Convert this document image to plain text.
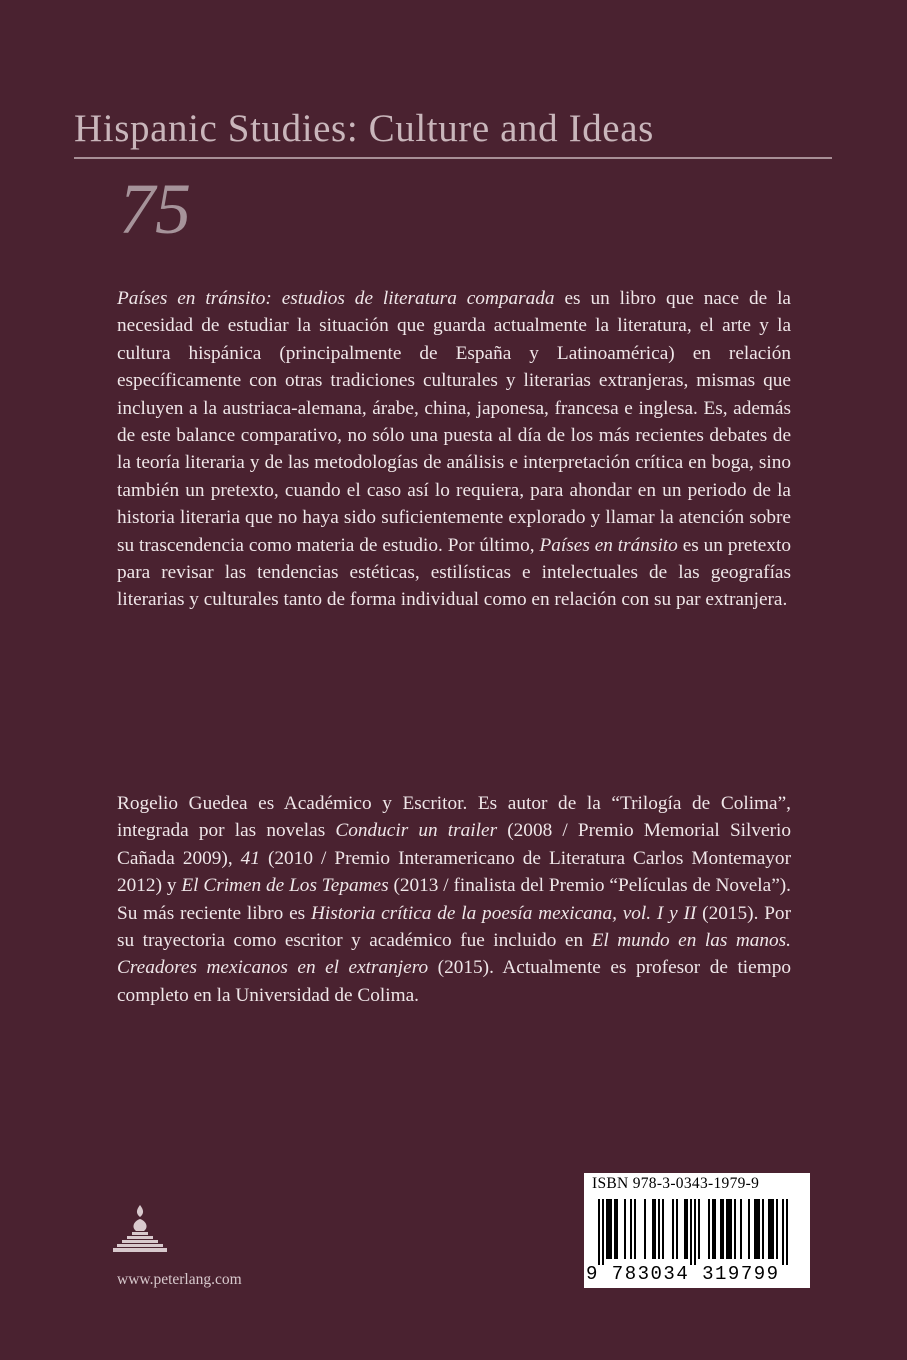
Hispanic Studies: Culture and Ideas
75

Países en tránsito: estudios de literatura comparada es un libro que nace de la necesidad de estudiar la situación que guarda actualmente la literatura, el arte y la cultura hispánica (principalmente de España y Latinoamérica) en relación específicamente con otras tradiciones culturales y literarias extranjeras, mismas que incluyen a la austriaca-alemana, árabe, china, japonesa, francesa e inglesa. Es, además de este balance comparativo, no sólo una puesta al día de los más recientes debates de la teoría literaria y de las metodologías de análisis e interpretación crítica en boga, sino también un pretexto, cuando el caso así lo requiera, para ahondar en un periodo de la historia literaria que no haya sido suficientemente explorado y llamar la atención sobre su trascendencia como materia de estudio. Por último, Países en tránsito es un pretexto para revisar las tendencias estéticas, estilísticas e intelectuales de las geografías literarias y culturales tanto de forma individual como en relación con su par extranjera.

Rogelio Guedea es Académico y Escritor. Es autor de la “Trilogía de Colima”, integrada por las novelas Conducir un trailer (2008 / Premio Memorial Silverio Cañada 2009), 41 (2010 / Premio Interamericano de Literatura Carlos Montemayor 2012) y El Crimen de Los Tepames (2013 / finalista del Premio “Películas de Novela”). Su más reciente libro es Historia crítica de la poesía mexicana, vol. I y II (2015). Por su trayectoria como escritor y académico fue incluido en El mundo en las manos. Creadores mexicanos en el extranjero (2015). Actualmente es profesor de tiempo completo en la Universidad de Colima.

ISBN 978-3-0343-1979-9
9 783034 319799
www.peterlang.com
